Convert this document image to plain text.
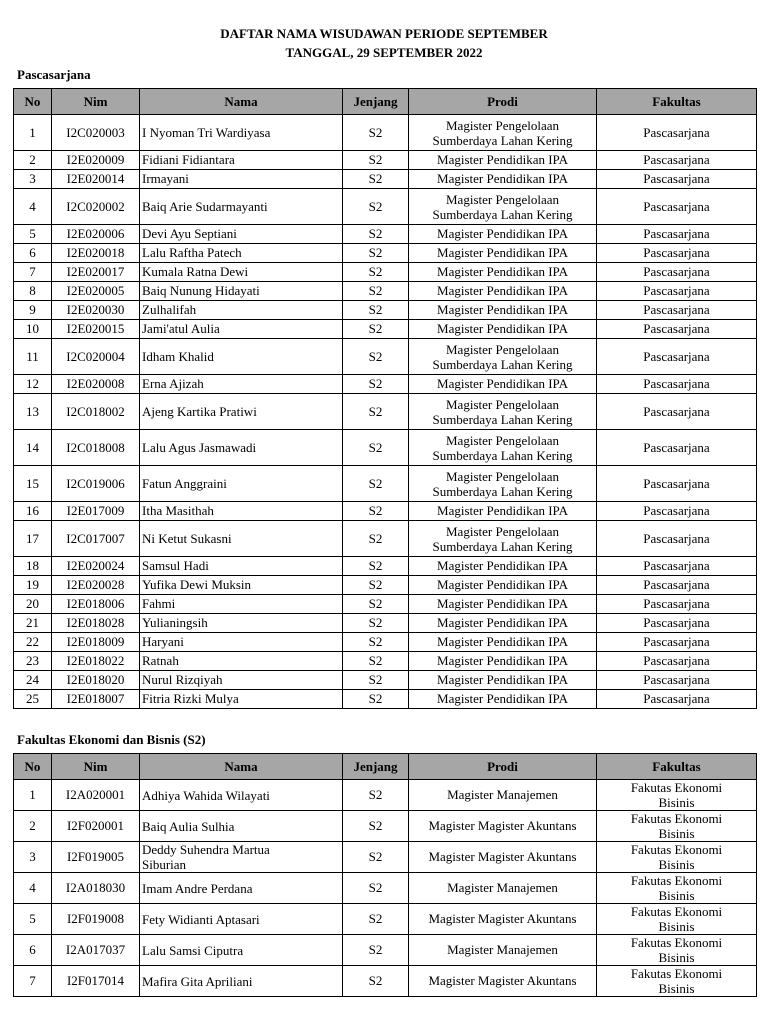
DAFTAR NAMA WISUDAWAN PERIODE SEPTEMBER
TANGGAL, 29 SEPTEMBER 2022
Pascasarjana
No	Nim	Nama	Jenjang	Prodi	Fakultas
1	I2C020003	I Nyoman Tri Wardiyasa	S2	Magister Pengelolaan
Sumberdaya Lahan Kering	Pascasarjana
2	I2E020009	Fidiani Fidiantara	S2	Magister Pendidikan IPA	Pascasarjana
3	I2E020014	Irmayani	S2	Magister Pendidikan IPA	Pascasarjana
4	I2C020002	Baiq Arie Sudarmayanti	S2	Magister Pengelolaan
Sumberdaya Lahan Kering	Pascasarjana
5	I2E020006	Devi Ayu Septiani	S2	Magister Pendidikan IPA	Pascasarjana
6	I2E020018	Lalu Raftha Patech	S2	Magister Pendidikan IPA	Pascasarjana
7	I2E020017	Kumala Ratna Dewi	S2	Magister Pendidikan IPA	Pascasarjana
8	I2E020005	Baiq Nunung Hidayati	S2	Magister Pendidikan IPA	Pascasarjana
9	I2E020030	Zulhalifah	S2	Magister Pendidikan IPA	Pascasarjana
10	I2E020015	Jami'atul Aulia	S2	Magister Pendidikan IPA	Pascasarjana
11	I2C020004	Idham Khalid	S2	Magister Pengelolaan
Sumberdaya Lahan Kering	Pascasarjana
12	I2E020008	Erna Ajizah	S2	Magister Pendidikan IPA	Pascasarjana
13	I2C018002	Ajeng Kartika Pratiwi	S2	Magister Pengelolaan
Sumberdaya Lahan Kering	Pascasarjana
14	I2C018008	Lalu Agus Jasmawadi	S2	Magister Pengelolaan
Sumberdaya Lahan Kering	Pascasarjana
15	I2C019006	Fatun Anggraini	S2	Magister Pengelolaan
Sumberdaya Lahan Kering	Pascasarjana
16	I2E017009	Itha Masithah	S2	Magister Pendidikan IPA	Pascasarjana
17	I2C017007	Ni Ketut Sukasni	S2	Magister Pengelolaan
Sumberdaya Lahan Kering	Pascasarjana
18	I2E020024	Samsul Hadi	S2	Magister Pendidikan IPA	Pascasarjana
19	I2E020028	Yufika Dewi Muksin	S2	Magister Pendidikan IPA	Pascasarjana
20	I2E018006	Fahmi	S2	Magister Pendidikan IPA	Pascasarjana
21	I2E018028	Yulianingsih	S2	Magister Pendidikan IPA	Pascasarjana
22	I2E018009	Haryani	S2	Magister Pendidikan IPA	Pascasarjana
23	I2E018022	Ratnah	S2	Magister Pendidikan IPA	Pascasarjana
24	I2E018020	Nurul Rizqiyah	S2	Magister Pendidikan IPA	Pascasarjana
25	I2E018007	Fitria Rizki Mulya	S2	Magister Pendidikan IPA	Pascasarjana
Fakultas Ekonomi dan Bisnis (S2)
No	Nim	Nama	Jenjang	Prodi	Fakultas
1	I2A020001	Adhiya Wahida Wilayati	S2	Magister Manajemen	Fakutas Ekonomi
Bisinis

2	I2F020001	Baiq Aulia Sulhia	S2	Magister Magister Akuntans	Fakutas Ekonomi
Bisinis

3	I2F019005	Deddy Suhendra Martua
Siburian	S2	Magister Magister Akuntans	Fakutas Ekonomi
Bisinis

4	I2A018030	Imam Andre Perdana	S2	Magister Manajemen	Fakutas Ekonomi
Bisinis

5	I2F019008	Fety Widianti Aptasari	S2	Magister Magister Akuntans	Fakutas Ekonomi
Bisinis

6	I2A017037	Lalu Samsi Ciputra	S2	Magister Manajemen	Fakutas Ekonomi
Bisinis

7	I2F017014	Mafira Gita Apriliani	S2	Magister Magister Akuntans	Fakutas Ekonomi
Bisinis
